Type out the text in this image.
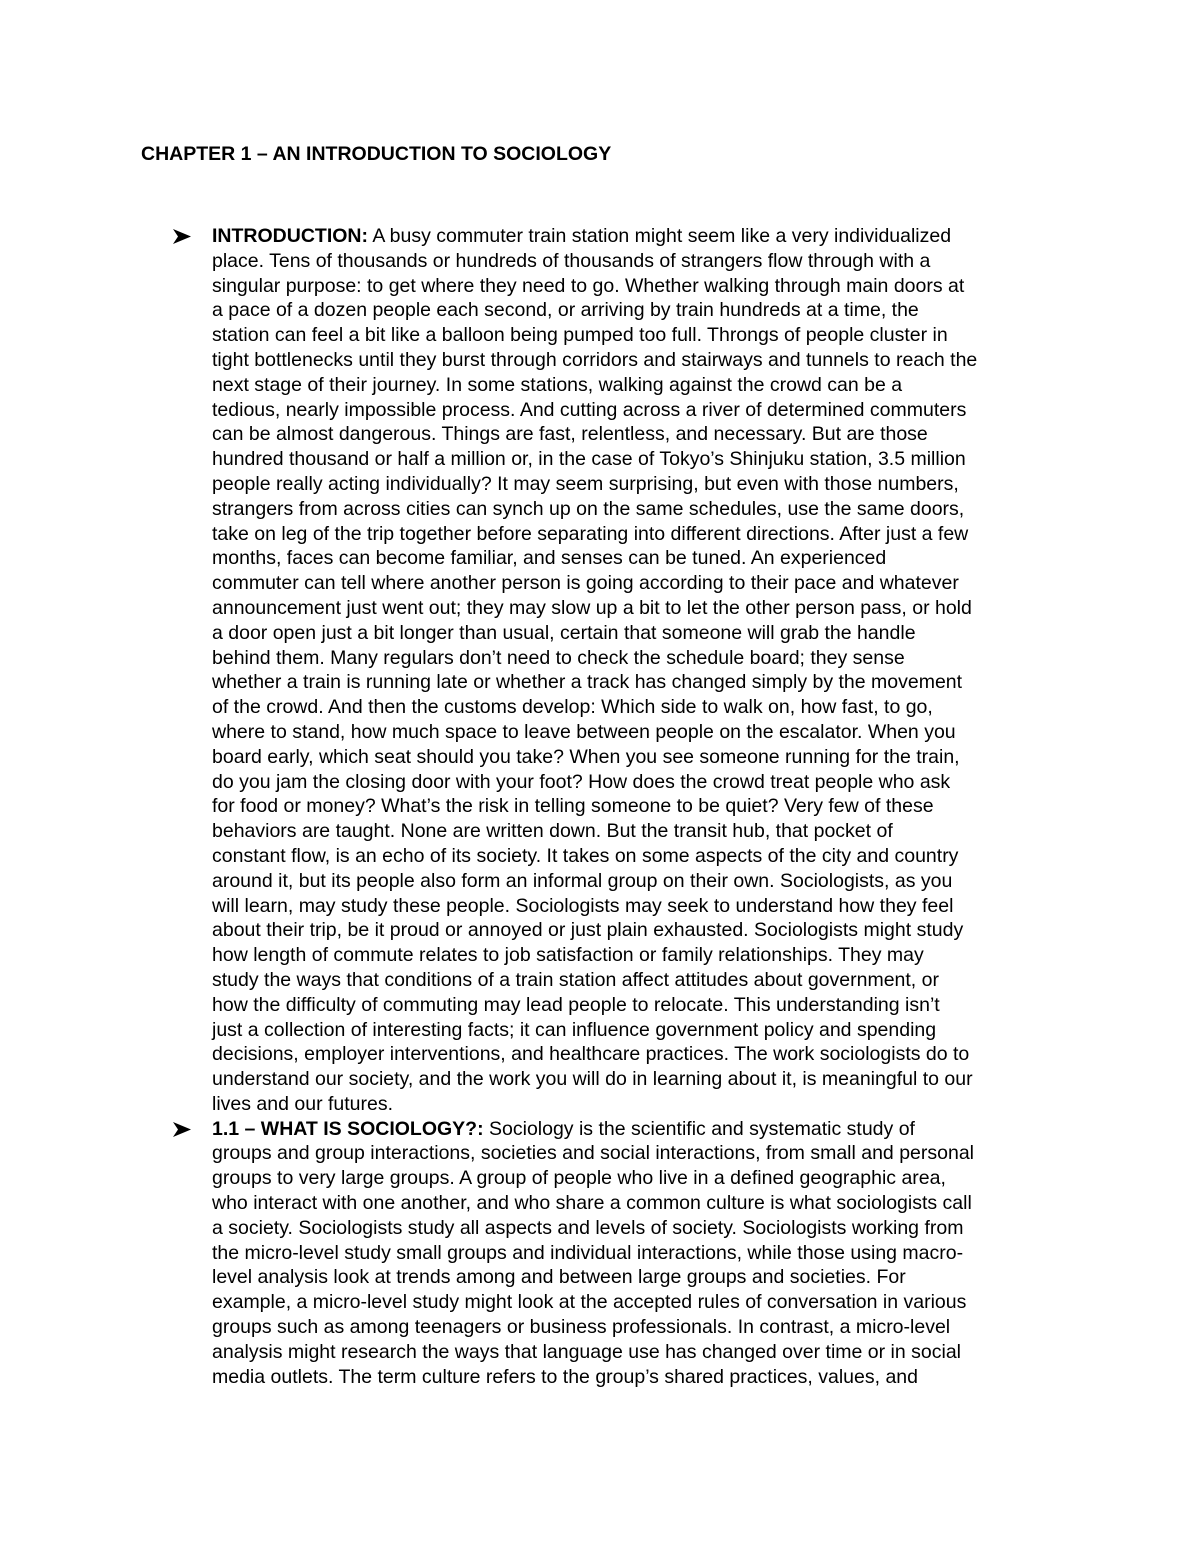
CHAPTER 1 – AN INTRODUCTION TO SOCIOLOGY
INTRODUCTION: A busy commuter train station might seem like a very individualized
place. Tens of thousands or hundreds of thousands of strangers flow through with a
singular purpose: to get where they need to go. Whether walking through main doors at
a pace of a dozen people each second, or arriving by train hundreds at a time, the
station can feel a bit like a balloon being pumped too full. Throngs of people cluster in
tight bottlenecks until they burst through corridors and stairways and tunnels to reach the
next stage of their journey. In some stations, walking against the crowd can be a
tedious, nearly impossible process. And cutting across a river of determined commuters
can be almost dangerous. Things are fast, relentless, and necessary. But are those
hundred thousand or half a million or, in the case of Tokyo’s Shinjuku station, 3.5 million
people really acting individually? It may seem surprising, but even with those numbers,
strangers from across cities can synch up on the same schedules, use the same doors,
take on leg of the trip together before separating into different directions. After just a few
months, faces can become familiar, and senses can be tuned. An experienced
commuter can tell where another person is going according to their pace and whatever
announcement just went out; they may slow up a bit to let the other person pass, or hold
a door open just a bit longer than usual, certain that someone will grab the handle
behind them. Many regulars don’t need to check the schedule board; they sense
whether a train is running late or whether a track has changed simply by the movement
of the crowd. And then the customs develop: Which side to walk on, how fast, to go,
where to stand, how much space to leave between people on the escalator. When you
board early, which seat should you take? When you see someone running for the train,
do you jam the closing door with your foot? How does the crowd treat people who ask
for food or money? What’s the risk in telling someone to be quiet? Very few of these
behaviors are taught. None are written down. But the transit hub, that pocket of
constant flow, is an echo of its society. It takes on some aspects of the city and country
around it, but its people also form an informal group on their own. Sociologists, as you
will learn, may study these people. Sociologists may seek to understand how they feel
about their trip, be it proud or annoyed or just plain exhausted. Sociologists might study
how length of commute relates to job satisfaction or family relationships. They may
study the ways that conditions of a train station affect attitudes about government, or
how the difficulty of commuting may lead people to relocate. This understanding isn’t
just a collection of interesting facts; it can influence government policy and spending
decisions, employer interventions, and healthcare practices. The work sociologists do to
understand our society, and the work you will do in learning about it, is meaningful to our
lives and our futures.
1.1 – WHAT IS SOCIOLOGY?: Sociology is the scientific and systematic study of
groups and group interactions, societies and social interactions, from small and personal
groups to very large groups. A group of people who live in a defined geographic area,
who interact with one another, and who share a common culture is what sociologists call
a society. Sociologists study all aspects and levels of society. Sociologists working from
the micro-level study small groups and individual interactions, while those using macro-
level analysis look at trends among and between large groups and societies. For
example, a micro-level study might look at the accepted rules of conversation in various
groups such as among teenagers or business professionals. In contrast, a micro-level
analysis might research the ways that language use has changed over time or in social
media outlets. The term culture refers to the group’s shared practices, values, and
